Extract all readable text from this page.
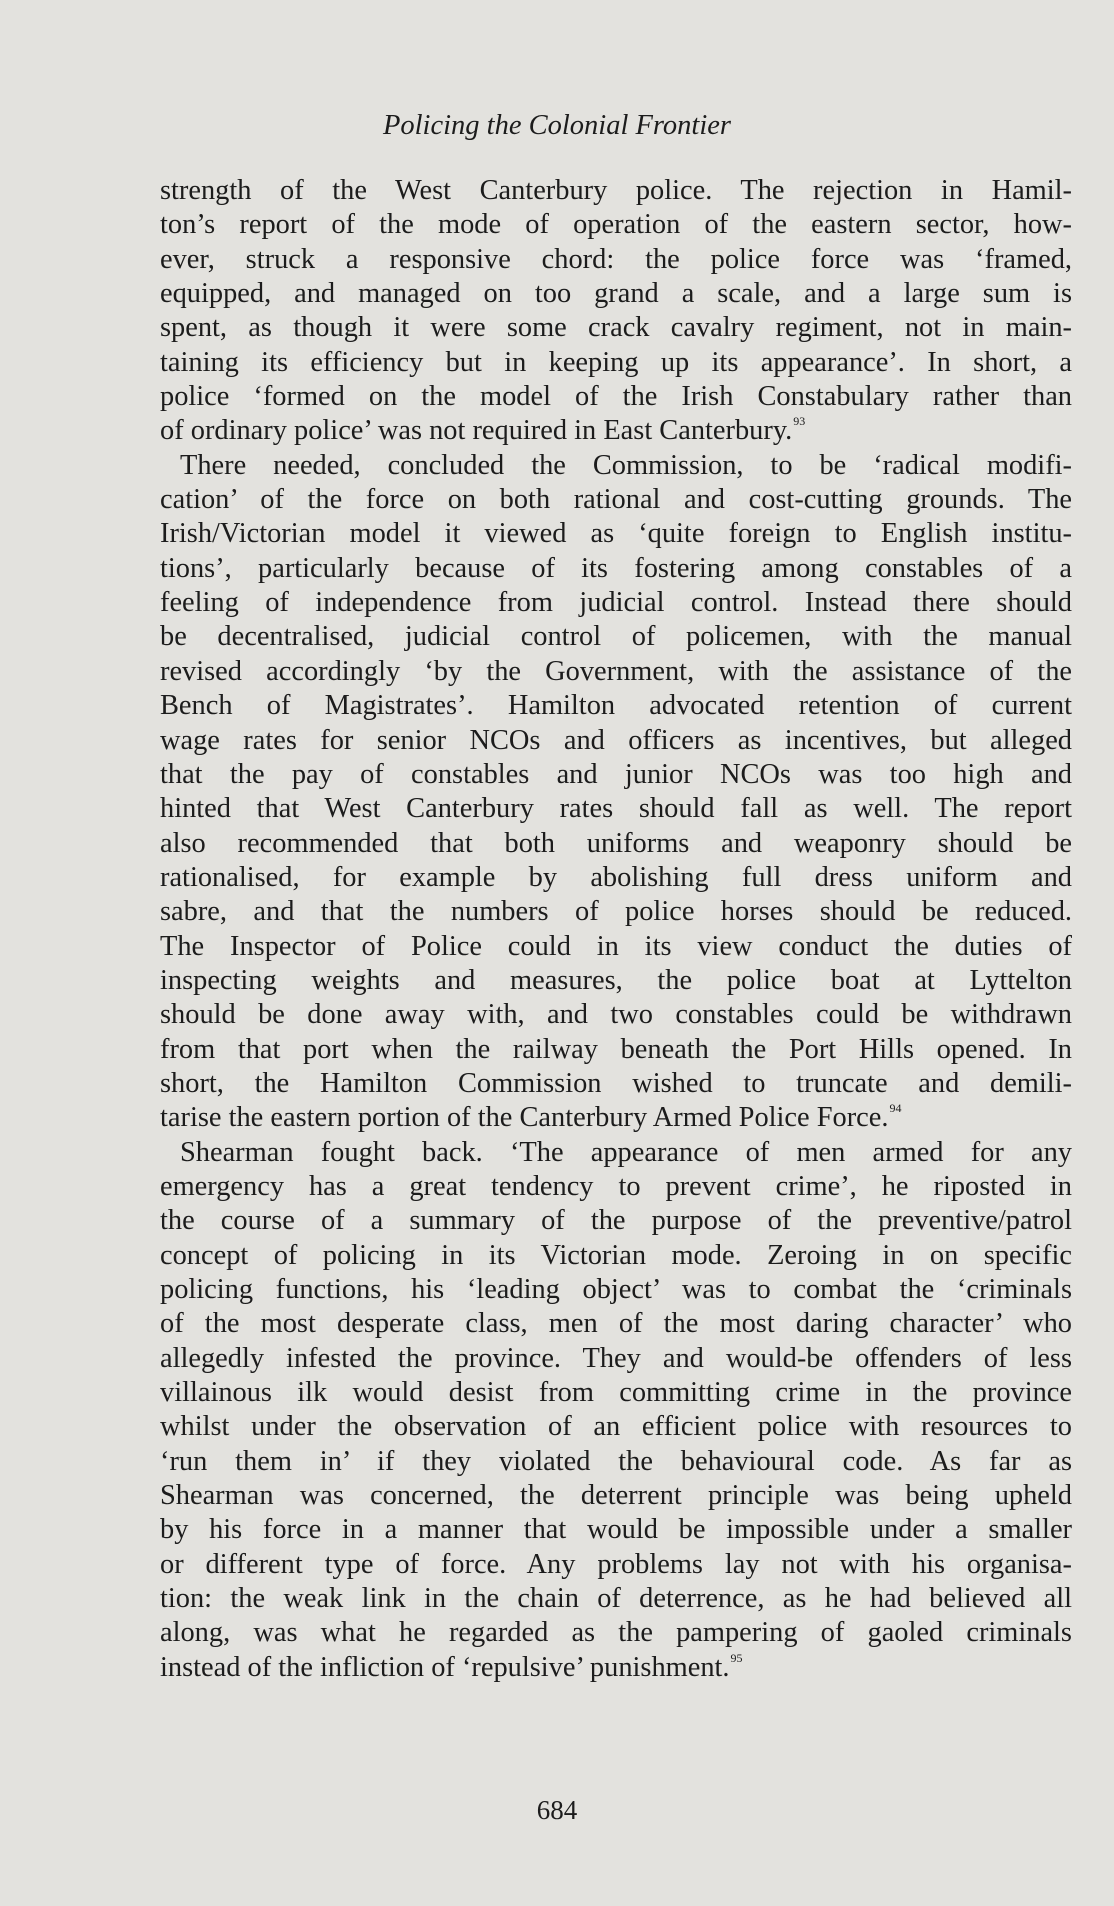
Policing the Colonial Frontier
strength of the West Canterbury police. The rejection in Hamil-
ton’s report of the mode of operation of the eastern sector, how-
ever, struck a responsive chord: the police force was ‘framed,
equipped, and managed on too grand a scale, and a large sum is
spent, as though it were some crack cavalry regiment, not in main-
taining its efficiency but in keeping up its appearance’. In short, a
police ‘formed on the model of the Irish Constabulary rather than
of ordinary police’ was not required in East Canterbury.$^{93}$
There needed, concluded the Commission, to be ‘radical modifi-
cation’ of the force on both rational and cost-cutting grounds. The
Irish/Victorian model it viewed as ‘quite foreign to English institu-
tions’, particularly because of its fostering among constables of a
feeling of independence from judicial control. Instead there should
be decentralised, judicial control of policemen, with the manual
revised accordingly ‘by the Government, with the assistance of the
Bench of Magistrates’. Hamilton advocated retention of current
wage rates for senior NCOs and officers as incentives, but alleged
that the pay of constables and junior NCOs was too high and
hinted that West Canterbury rates should fall as well. The report
also recommended that both uniforms and weaponry should be
rationalised, for example by abolishing full dress uniform and
sabre, and that the numbers of police horses should be reduced.
The Inspector of Police could in its view conduct the duties of
inspecting weights and measures, the police boat at Lyttelton
should be done away with, and two constables could be withdrawn
from that port when the railway beneath the Port Hills opened. In
short, the Hamilton Commission wished to truncate and demili-
tarise the eastern portion of the Canterbury Armed Police Force.$^{94}$
Shearman fought back. ‘The appearance of men armed for any
emergency has a great tendency to prevent crime’, he riposted in
the course of a summary of the purpose of the preventive/patrol
concept of policing in its Victorian mode. Zeroing in on specific
policing functions, his ‘leading object’ was to combat the ‘criminals
of the most desperate class, men of the most daring character’ who
allegedly infested the province. They and would-be offenders of less
villainous ilk would desist from committing crime in the province
whilst under the observation of an efficient police with resources to
‘run them in’ if they violated the behavioural code. As far as
Shearman was concerned, the deterrent principle was being upheld
by his force in a manner that would be impossible under a smaller
or different type of force. Any problems lay not with his organisa-
tion: the weak link in the chain of deterrence, as he had believed all
along, was what he regarded as the pampering of gaoled criminals
instead of the infliction of ‘repulsive’ punishment.$^{95}$
684
